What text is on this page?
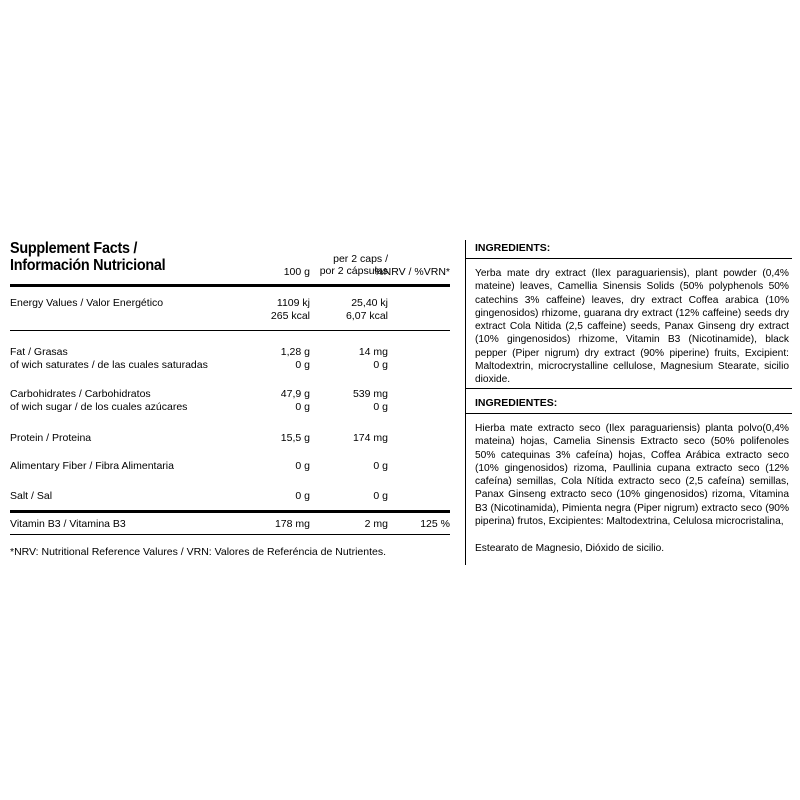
Supplement Facts /
Información Nutricional	100 g
per 2 caps /
por 2 cápsulas
%NRV / %VRN*
Energy Values / Valor Energético	1109 kj	25,40 kj
265 kcal	6,07 kcal
Fat / Grasas	1,28 g	14 mg
of wich saturates / de las cuales saturadas	0 g	0 g
Carbohidrates / Carbohidratos	47,9 g	539 mg
of wich sugar / de los cuales azúcares	0 g	0 g
Protein / Proteina	15,5 g	174 mg
Alimentary Fiber / Fibra Alimentaria	0 g	0 g
Salt / Sal	0 g	0 g
Vitamin B3 / Vitamina B3	178 mg	2 mg	125 %
*NRV: Nutritional Reference Valures / VRN: Valores de Referéncia de Nutrientes.
INGREDIENTS:
Yerba mate dry extract (Ilex paraguariensis), plant powder (0,4% mateine) leaves, Camellia Sinensis Solids (50% polyphenols 50% catechins 3% caffeine) leaves, dry extract Coffea arabica (10% gingenosidos) rhizome, guarana dry extract (12% caffeine) seeds dry extract Cola Nitida (2,5 caffeine) seeds, Panax Ginseng dry extract (10% gingenosidos) rhizome, Vitamin B3 (Nicotinamide), black pepper (Piper nigrum) dry extract (90% piperine) fruits, Excipient: Maltodextrin, microcrystalline cellulose, Magnesium Stearate, sicilio dioxide.
INGREDIENTES:
Hierba mate extracto seco (Ilex paraguariensis) planta polvo(0,4% mateina) hojas, Camelia Sinensis Extracto seco (50% polifenoles 50% catequinas 3% cafeína) hojas, Coffea Arábica extracto seco (10% gingenosidos) rizoma, Paullinia cupana extracto seco (12% cafeína) semillas, Cola Nítida extracto seco (2,5 cafeína) semillas, Panax Ginseng extracto seco (10% gingenosidos) rizoma, Vitamina B3 (Nicotinamida), Pimienta negra (Piper nigrum) extracto seco (90% piperina) frutos, Excipientes: Maltodextrina, Celulosa microcristalina,
Estearato de Magnesio, Dióxido de sicilio.
